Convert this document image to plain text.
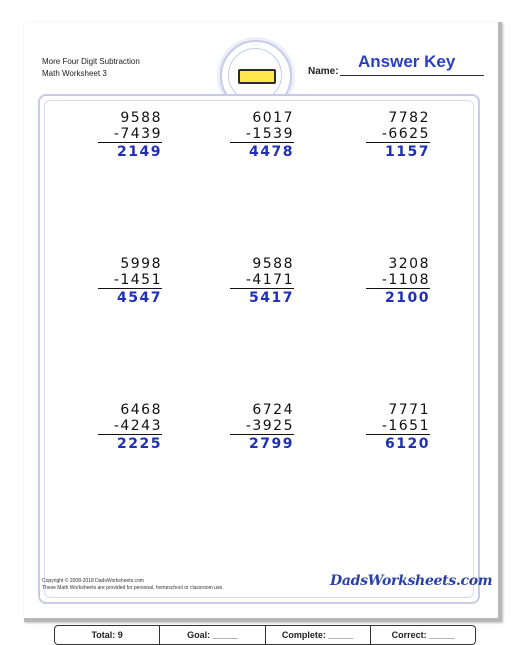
More Four Digit Subtraction
Math Worksheet 3	Name:
Answer Key
9588
-7439
2149
6017
-1539
4478
7782
-6625
1157
5998
-1451
4547
9588
-4171
5417
3208
-1108
2100
6468
-4243
2225
6724
-3925
2799
7771
-1651
6120
Total: 9	Goal: _____	Complete: _____	Correct: _____
Copyright © 2008-2018 DadsWorksheets.com
These Math Worksheets are provided for personal, homeschool or classroom use.	DadsWorksheets.com
